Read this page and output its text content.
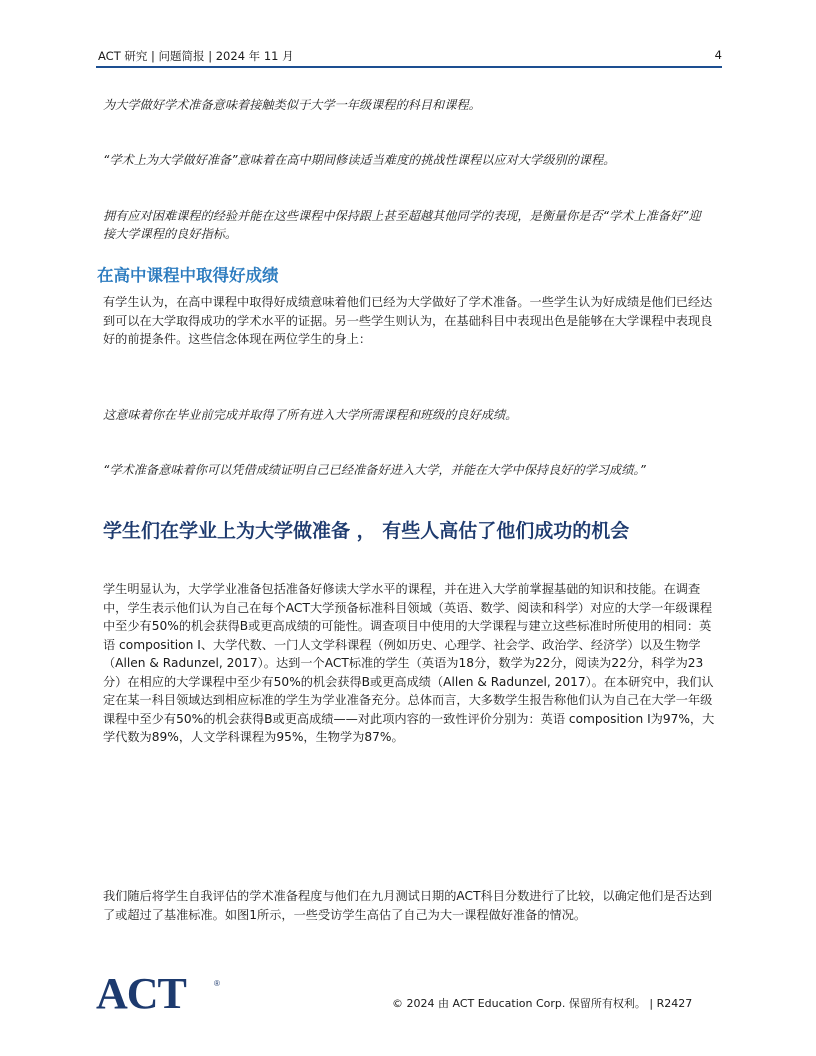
ACT 研究 | 问题简报 | 2024 年 11 月	4

为大学做好学术准备意味着接触类似于大学一年级课程的科目和课程。

“学术上为大学做好准备”意味着在高中期间修读适当难度的挑战性课程以应对大学级别的课程。

拥有应对困难课程的经验并能在这些课程中保持跟上甚至超越其他同学的表现，是衡量你是否“学术上准备好”迎接大学课程的良好指标。

在高中课程中取得好成绩

有学生认为，在高中课程中取得好成绩意味着他们已经为大学做好了学术准备。一些学生认为好成绩是他们已经达到可以在大学取得成功的学术水平的证据。另一些学生则认为，在基础科目中表现出色是能够在大学课程中表现良好的前提条件。这些信念体现在两位学生的身上：

这意味着你在毕业前完成并取得了所有进入大学所需课程和班级的良好成绩。

“学术准备意味着你可以凭借成绩证明自己已经准备好进入大学，并能在大学中保持良好的学习成绩。”

学生们在学业上为大学做准备 ， 有些人高估了他们成功的机会

学生明显认为，大学学业准备包括准备好修读大学水平的课程，并在进入大学前掌握基础的知识和技能。在调查中，学生表示他们认为自己在每个ACT大学预备标准科目领域（英语、数学、阅读和科学）对应的大学一年级课程中至少有50%的机会获得B或更高成绩的可能性。调查项目中使用的大学课程与建立这些标准时所使用的相同：英语 composition I、大学代数、一门人文学科课程（例如历史、心理学、社会学、政治学、经济学）以及生物学（Allen & Radunzel, 2017）。达到一个ACT标准的学生（英语为18分，数学为22分，阅读为22分，科学为23分）在相应的大学课程中至少有50%的机会获得B或更高成绩（Allen & Radunzel, 2017）。在本研究中，我们认定在某一科目领域达到相应标准的学生为学业准备充分。总体而言，大多数学生报告称他们认为自己在大学一年级课程中至少有50%的机会获得B或更高成绩——对此项内容的一致性评价分别为：英语 composition I为97%，大学代数为89%，人文学科课程为95%，生物学为87%。

我们随后将学生自我评估的学术准备程度与他们在九月测试日期的ACT科目分数进行了比较，以确定他们是否达到了或超过了基准标准。如图1所示，一些受访学生高估了自己为大一课程做好准备的情况。

ACT	®
© 2024 由 ACT Education Corp. 保留所有权利。 | R2427
